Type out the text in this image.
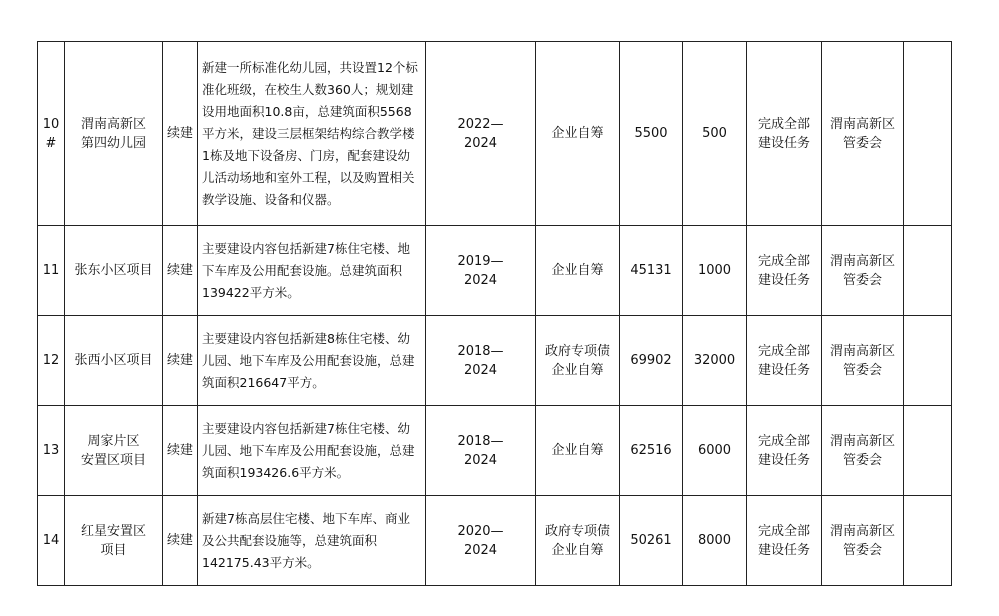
10
#	渭南高新区
第四幼儿园	续建	新建一所标准化幼儿园，共设置12个标准化班级，在校生人数360人；规划建设用地面积10.8亩，总建筑面积5568平方米，建设三层框架结构综合教学楼1栋及地下设备房、门房，配套建设幼儿活动场地和室外工程，以及购置相关教学设施、设备和仪器。	2022—
2024	企业自筹	5500	500	完成全部
建设任务	渭南高新区
管委会	

11	张东小区项目	续建	主要建设内容包括新建7栋住宅楼、地下车库及公用配套设施。总建筑面积139422平方米。	2019—
2024	企业自筹	45131	1000	完成全部
建设任务	渭南高新区
管委会	

12	张西小区项目	续建	主要建设内容包括新建8栋住宅楼、幼儿园、地下车库及公用配套设施，总建筑面积216647平方。	2018—
2024	政府专项债
企业自筹	69902	32000	完成全部
建设任务	渭南高新区
管委会	

13	周家片区
安置区项目	续建	主要建设内容包括新建7栋住宅楼、幼儿园、地下车库及公用配套设施，总建筑面积193426.6平方米。	2018—
2024	企业自筹	62516	6000	完成全部
建设任务	渭南高新区
管委会	

14	红星安置区
项目	续建	新建7栋高层住宅楼、地下车库、商业及公共配套设施等，总建筑面积142175.43平方米。	2020—
2024	政府专项债
企业自筹	50261	8000	完成全部
建设任务	渭南高新区
管委会	
